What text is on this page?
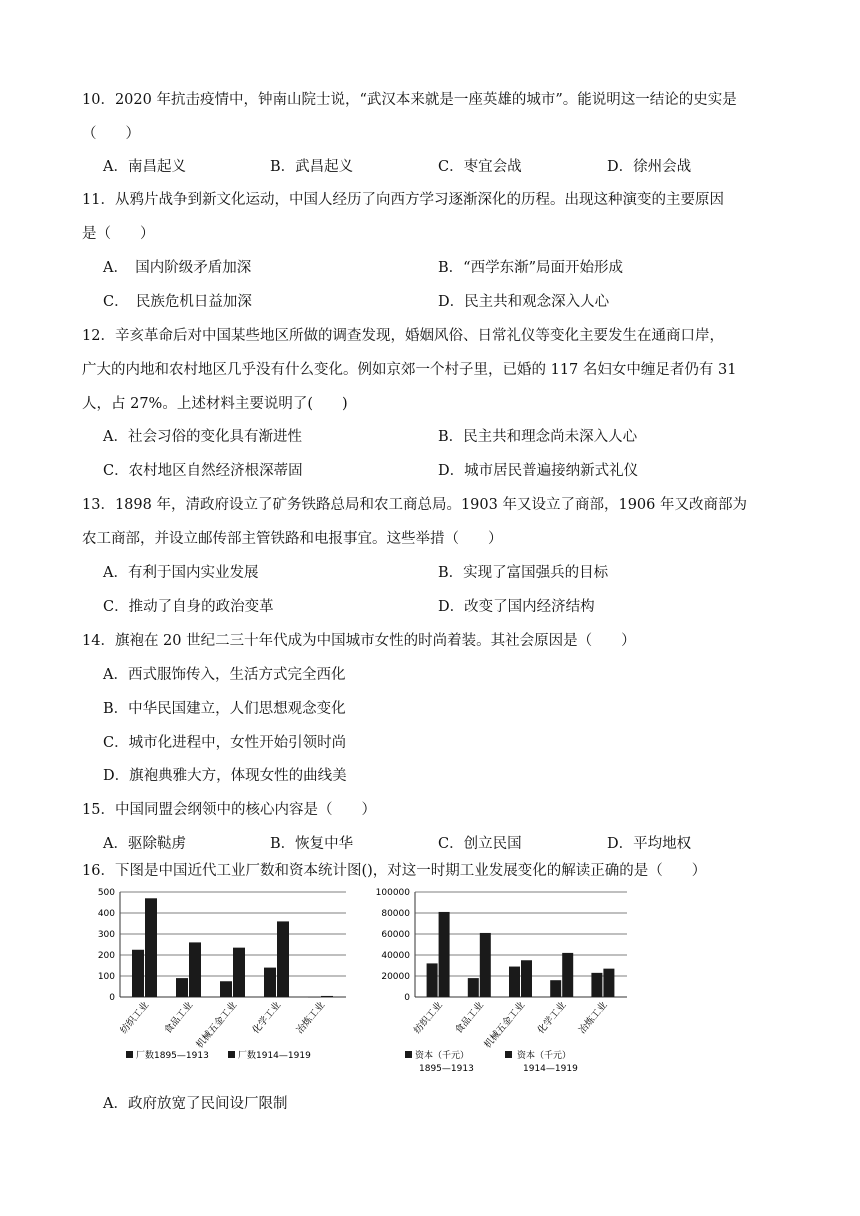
10．2020 年抗击疫情中，钟南山院士说，“武汉本来就是一座英雄的城市”。能说明这一结论的史实是
（　　）
A．南昌起义	B．武昌起义	C．枣宜会战	D．徐州会战
11．从鸦片战争到新文化运动，中国人经历了向西方学习逐渐深化的历程。出现这种演变的主要原因
是（　　）
A．　国内阶级矛盾加深	B．“西学东渐”局面开始形成
C．　民族危机日益加深	D．民主共和观念深入人心
12．辛亥革命后对中国某些地区所做的调查发现，婚姻风俗、日常礼仪等变化主要发生在通商口岸，
广大的内地和农村地区几乎没有什么变化。例如京郊一个村子里，已婚的 117 名妇女中缠足者仍有 31
人，占 27%。上述材料主要说明了(　　)
A．社会习俗的变化具有渐进性	B．民主共和理念尚未深入人心
C．农村地区自然经济根深蒂固	D．城市居民普遍接纳新式礼仪
13．1898 年，清政府设立了矿务铁路总局和农工商总局。1903 年又设立了商部，1906 年又改商部为
农工商部，并设立邮传部主管铁路和电报事宜。这些举措（　　）
A．有利于国内实业发展	B．实现了富国强兵的目标
C．推动了自身的政治变革	D．改变了国内经济结构
14．旗袍在 20 世纪二三十年代成为中国城市女性的时尚着装。其社会原因是（　　）
A．西式服饰传入，生活方式完全西化
B．中华民国建立，人们思想观念变化
C．城市化进程中，女性开始引领时尚
D．旗袍典雅大方，体现女性的曲线美
15．中国同盟会纲领中的核心内容是（　　）
A．驱除鞑虏	B．恢复中华	C．创立民国	D．平均地权
16．下图是中国近代工业厂数和资本统计图()，对这一时期工业发展变化的解读正确的是（　　）
500
400
300
200
100
0
纺织工业 食品工业
机械五金工业 化学工业 冶炼工业
厂数1895—1913	厂数1914—1919
100000
80000
60000
40000
20000
0
纺织工业 食品工业
机械五金工业 化学工业 冶炼工业
资本（千元）
1895—1913
资本（千元）
1914—1919
A．政府放宽了民间设厂限制
